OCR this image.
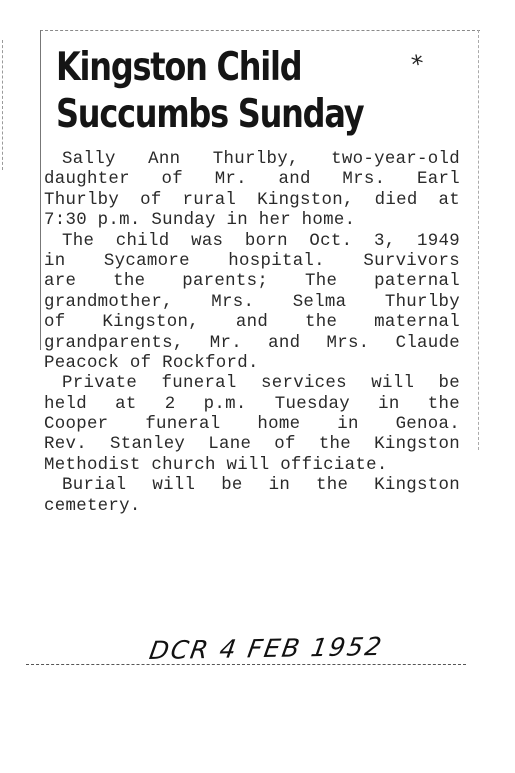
Kingston Child
Succumbs Sunday
*
Sally Ann Thurlby, two-year-old
daughter of Mr. and Mrs. Earl
Thurlby of rural Kingston, died at
7:30 p.m. Sunday in her home.
The child was born Oct. 3, 1949
in Sycamore hospital. Survivors
are the parents; The paternal
grandmother, Mrs. Selma Thurlby
of Kingston, and the maternal
grandparents, Mr. and Mrs. Claude
Peacock of Rockford.
Private funeral services will be
held at 2 p.m. Tuesday in the
Cooper funeral home in Genoa.
Rev. Stanley Lane of the Kingston
Methodist church will officiate.
Burial will be in the Kingston
cemetery.
DCR 4 FEB 1952
